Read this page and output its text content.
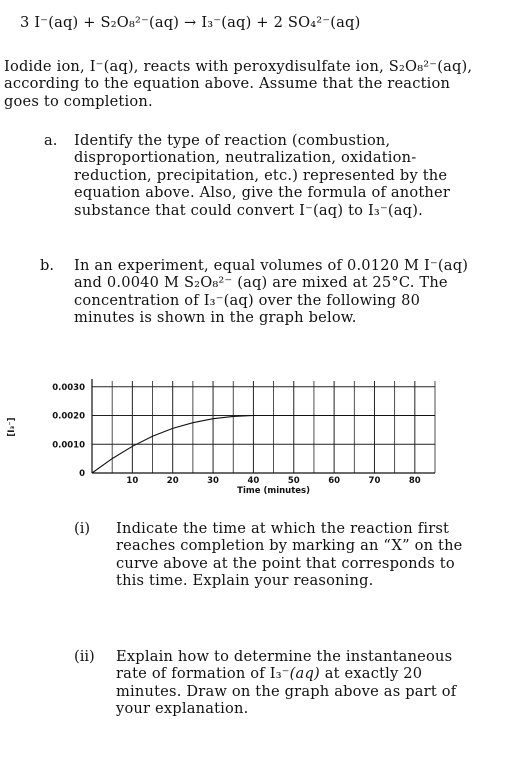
3 I⁻(aq) + S₂O₈²⁻(aq) → I₃⁻(aq) + 2 SO₄²⁻(aq)

Iodide ion, I⁻(aq), reacts with peroxydisulfate ion, S₂O₈²⁻(aq), according to the equation above. Assume that the reaction goes to completion.

a. Identify the type of reaction (combustion, disproportionation, neutralization, oxidation-reduction, precipitation, etc.) represented by the equation above. Also, give the formula of another substance that could convert I⁻(aq) to I₃⁻(aq).

b. In an experiment, equal volumes of 0.0120 M I⁻(aq) and 0.0040 M S₂O₈²⁻ (aq) are mixed at 25°C. The concentration of I₃⁻(aq) over the following 80 minutes is shown in the graph below.

10	20	30	40	50	60	70	80
0
0.0010
0.0020
0.0030
Time (minutes)
[I₃⁻]
(i) Indicate the time at which the reaction first reaches completion by marking an “X” on the curve above at the point that corresponds to this time. Explain your reasoning.

(ii) Explain how to determine the instantaneous rate of formation of I₃⁻(aq) at exactly 20 minutes. Draw on the graph above as part of your explanation.
